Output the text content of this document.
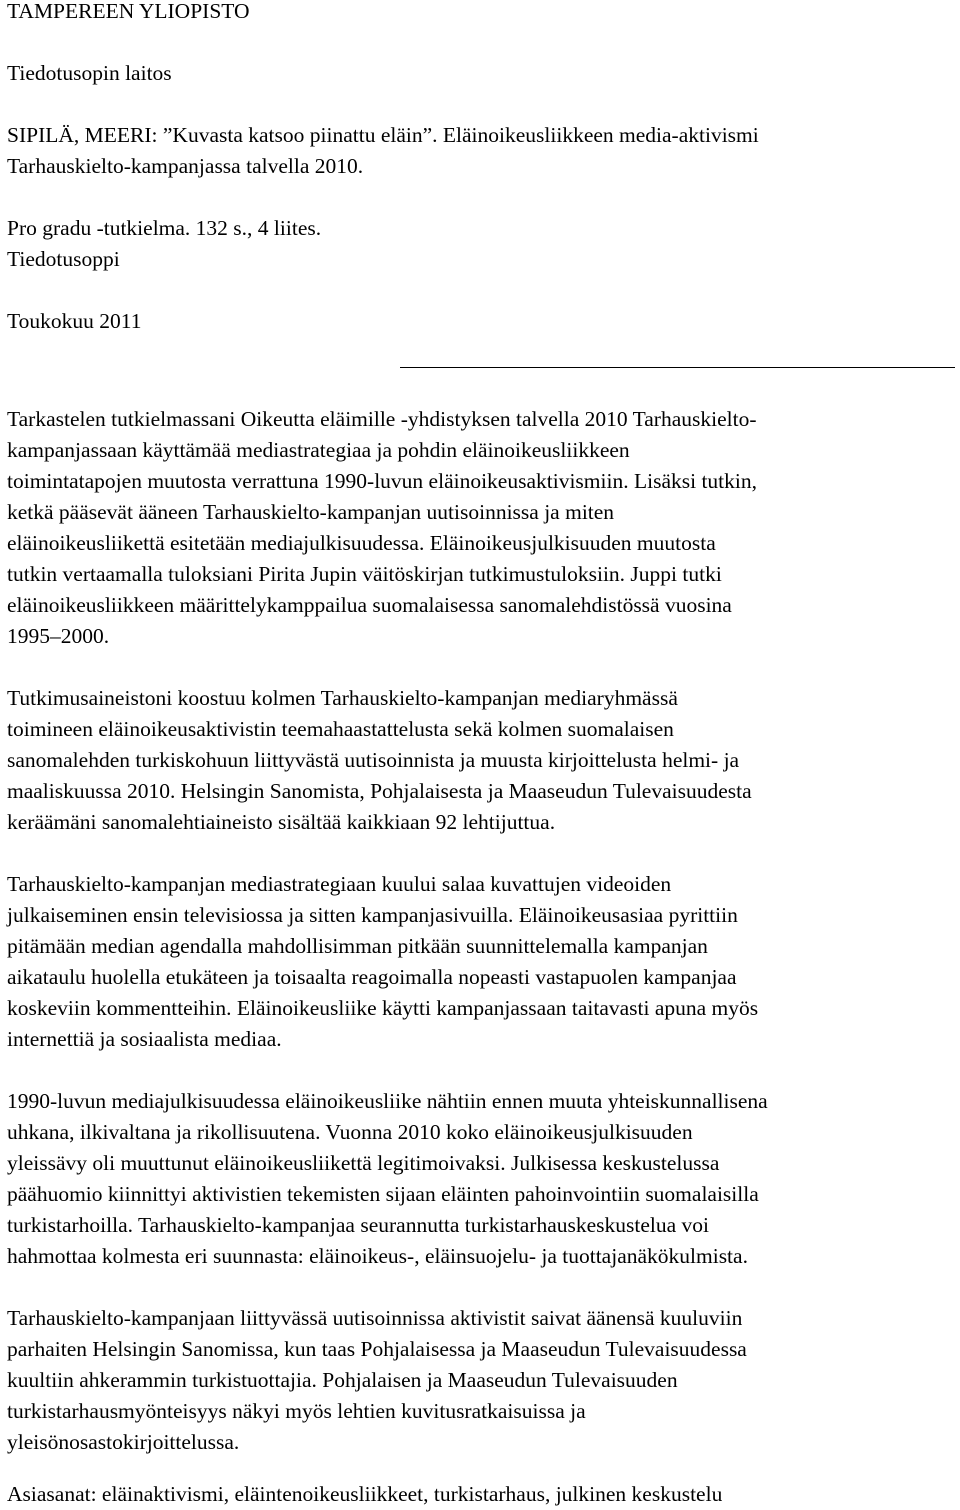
TAMPEREEN YLIOPISTO
Tiedotusopin laitos
SIPILÄ, MEERI: ”Kuvasta katsoo piinattu eläin”. Eläinoikeusliikkeen media-aktivismi
Tarhauskielto-kampanjassa talvella 2010.
Pro gradu -tutkielma. 132 s., 4 liites.
Tiedotusoppi
Toukokuu 2011
Tarkastelen tutkielmassani Oikeutta eläimille -yhdistyksen talvella 2010 Tarhauskielto-
kampanjassaan käyttämää mediastrategiaa ja pohdin eläinoikeusliikkeen
toimintatapojen muutosta verrattuna 1990-luvun eläinoikeusaktivismiin. Lisäksi tutkin,
ketkä pääsevät ääneen Tarhauskielto-kampanjan uutisoinnissa ja miten
eläinoikeusliikettä esitetään mediajulkisuudessa. Eläinoikeusjulkisuuden muutosta
tutkin vertaamalla tuloksiani Pirita Jupin väitöskirjan tutkimustuloksiin. Juppi tutki
eläinoikeusliikkeen määrittelykamppailua suomalaisessa sanomalehdistössä vuosina
1995–2000.
Tutkimusaineistoni koostuu kolmen Tarhauskielto-kampanjan mediaryhmässä
toimineen eläinoikeusaktivistin teemahaastattelusta sekä kolmen suomalaisen
sanomalehden turkiskohuun liittyvästä uutisoinnista ja muusta kirjoittelusta helmi- ja
maaliskuussa 2010. Helsingin Sanomista, Pohjalaisesta ja Maaseudun Tulevaisuudesta
keräämäni sanomalehtiaineisto sisältää kaikkiaan 92 lehtijuttua.
Tarhauskielto-kampanjan mediastrategiaan kuului salaa kuvattujen videoiden
julkaiseminen ensin televisiossa ja sitten kampanjasivuilla. Eläinoikeusasiaa pyrittiin
pitämään median agendalla mahdollisimman pitkään suunnittelemalla kampanjan
aikataulu huolella etukäteen ja toisaalta reagoimalla nopeasti vastapuolen kampanjaa
koskeviin kommentteihin. Eläinoikeusliike käytti kampanjassaan taitavasti apuna myös
internettiä ja sosiaalista mediaa.
1990-luvun mediajulkisuudessa eläinoikeusliike nähtiin ennen muuta yhteiskunnallisena
uhkana, ilkivaltana ja rikollisuutena. Vuonna 2010 koko eläinoikeusjulkisuuden
yleissävy oli muuttunut eläinoikeusliikettä legitimoivaksi. Julkisessa keskustelussa
päähuomio kiinnittyi aktivistien tekemisten sijaan eläinten pahoinvointiin suomalaisilla
turkistarhoilla. Tarhauskielto-kampanjaa seurannutta turkistarhauskeskustelua voi
hahmottaa kolmesta eri suunnasta: eläinoikeus-, eläinsuojelu- ja tuottajanäkökulmista.
Tarhauskielto-kampanjaan liittyvässä uutisoinnissa aktivistit saivat äänensä kuuluviin
parhaiten Helsingin Sanomissa, kun taas Pohjalaisessa ja Maaseudun Tulevaisuudessa
kuultiin ahkerammin turkistuottajia. Pohjalaisen ja Maaseudun Tulevaisuuden
turkistarhausmyönteisyys näkyi myös lehtien kuvitusratkaisuissa ja
yleisönosastokirjoittelussa.
Asiasanat: eläinaktivismi, eläintenoikeusliikkeet, turkistarhaus, julkinen keskustelu
